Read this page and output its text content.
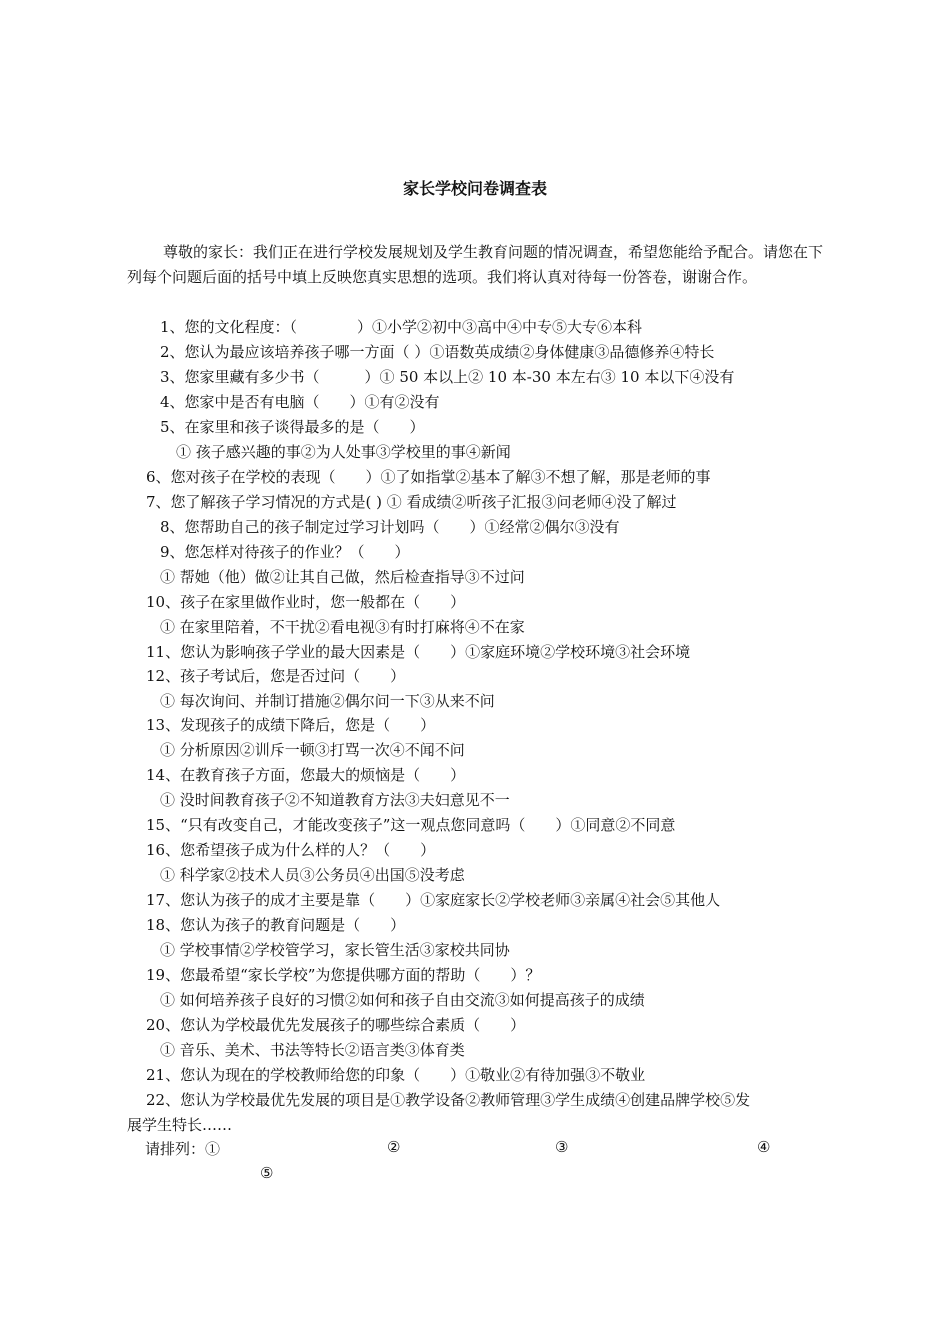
家长学校问卷调查表
尊敬的家长：我们正在进行学校发展规划及学生教育问题的情况调查，希望您能给予配合。请您在下列每个问题后面的括号中填上反映您真实思想的选项。我们将认真对待每一份答卷，谢谢合作。
1、您的文化程度：（　　　　）①小学②初中③高中④中专⑤大专⑥本科
2、您认为最应该培养孩子哪一方面（ ）①语数英成绩②身体健康③品德修养④特长
3、您家里藏有多少书（　　　）① 50 本以上② 10 本-30 本左右③ 10 本以下④没有
4、您家中是否有电脑（　　）①有②没有
5、在家里和孩子谈得最多的是（　　）
① 孩子感兴趣的事②为人处事③学校里的事④新闻
6、您对孩子在学校的表现（　　）①了如指掌②基本了解③不想了解，那是老师的事
7、您了解孩子学习情况的方式是( ) ① 看成绩②听孩子汇报③问老师④没了解过
8、您帮助自己的孩子制定过学习计划吗（　　）①经常②偶尔③没有
9、您怎样对待孩子的作业？（　　）
① 帮她（他）做②让其自己做，然后检查指导③不过问
10、孩子在家里做作业时，您一般都在（　　）
① 在家里陪着，不干扰②看电视③有时打麻将④不在家
11、您认为影响孩子学业的最大因素是（　　）①家庭环境②学校环境③社会环境
12、孩子考试后，您是否过问（　　）
① 每次询问、并制订措施②偶尔问一下③从来不问
13、发现孩子的成绩下降后，您是（　　）
① 分析原因②训斥一顿③打骂一次④不闻不问
14、在教育孩子方面，您最大的烦恼是（　　）
① 没时间教育孩子②不知道教育方法③夫妇意见不一
15、“只有改变自己，才能改变孩子”这一观点您同意吗（　　）①同意②不同意
16、您希望孩子成为什么样的人？（　　）
① 科学家②技术人员③公务员④出国⑤没考虑
17、您认为孩子的成才主要是靠（　　）①家庭家长②学校老师③亲属④社会⑤其他人
18、您认为孩子的教育问题是（　　）
① 学校事情②学校管学习，家长管生活③家校共同协
19、您最希望“家长学校”为您提供哪方面的帮助（　　）？
① 如何培养孩子良好的习惯②如何和孩子自由交流③如何提高孩子的成绩
20、您认为学校最优先发展孩子的哪些综合素质（　　）
① 音乐、美术、书法等特长②语言类③体育类
21、您认为现在的学校教师给您的印象（　　）①敬业②有待加强③不敬业
22、您认为学校最优先发展的项目是①教学设备②教师管理③学生成绩④创建品牌学校⑤发
展学生特长……
请排列：①	②	③	④
⑤
